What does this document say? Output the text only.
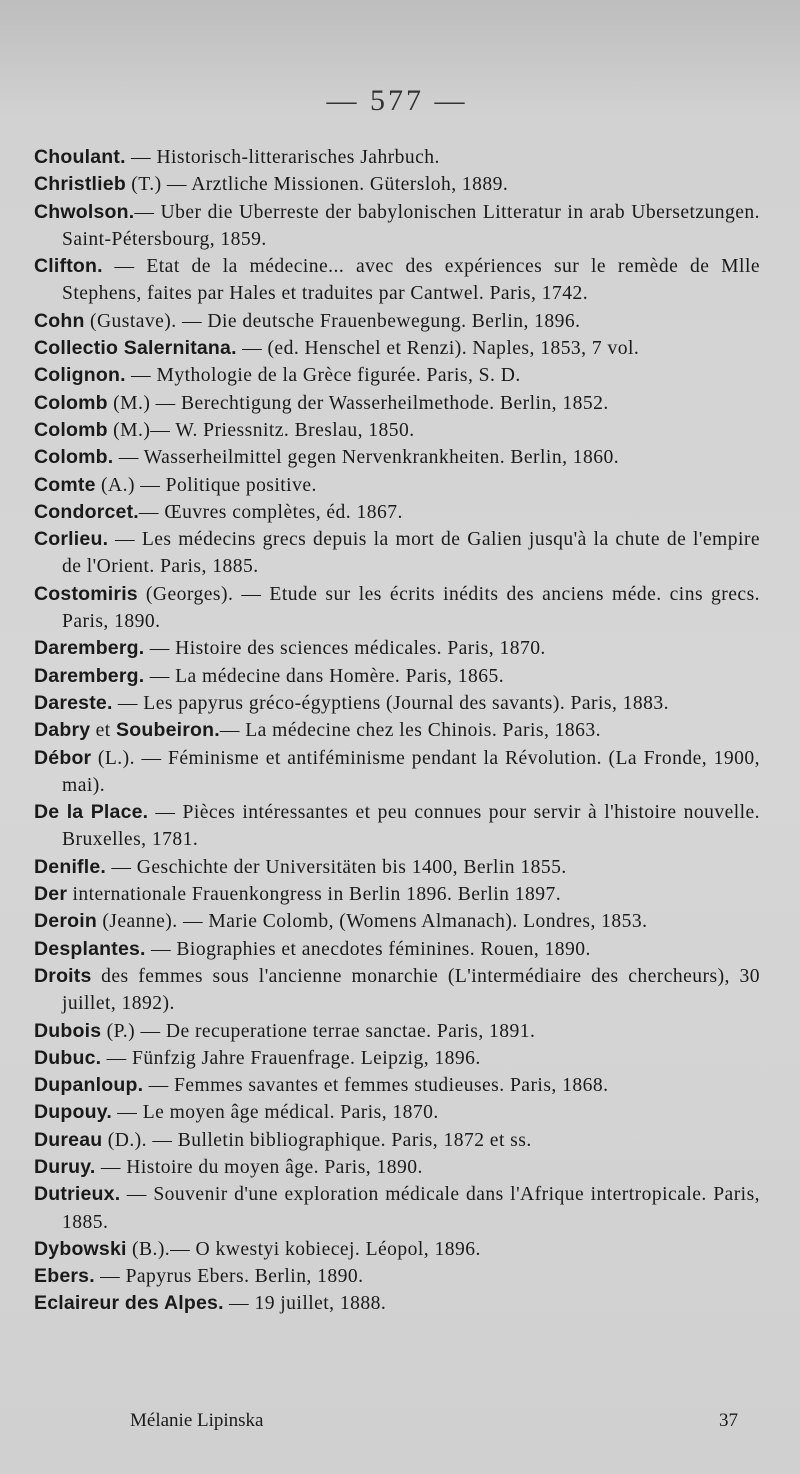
— 577 —
Choulant. — Historisch-litterarisches Jahrbuch.
Christlieb (T.) — Arztliche Missionen. Gütersloh, 1889.
Chwolson.— Uber die Uberreste der babylonischen Litteratur in arab Ubersetzungen. Saint-Pétersbourg, 1859.
Clifton. — Etat de la médecine... avec des expériences sur le remède de Mlle Stephens, faites par Hales et traduites par Cantwel. Paris, 1742.
Cohn (Gustave). — Die deutsche Frauenbewegung. Berlin, 1896.
Collectio Salernitana. — (ed. Henschel et Renzi). Naples, 1853, 7 vol.
Colignon. — Mythologie de la Grèce figurée. Paris, S. D.
Colomb (M.) — Berechtigung der Wasserheilmethode. Berlin, 1852.
Colomb (M.)— W. Priessnitz. Breslau, 1850.
Colomb. — Wasserheilmittel gegen Nervenkrankheiten. Berlin, 1860.
Comte (A.) — Politique positive.
Condorcet.— Œuvres complètes, éd. 1867.
Corlieu. — Les médecins grecs depuis la mort de Galien jusqu'à la chute de l'empire de l'Orient. Paris, 1885.
Costomiris (Georges). — Etude sur les écrits inédits des anciens méde. cins grecs. Paris, 1890.
Daremberg. — Histoire des sciences médicales. Paris, 1870.
Daremberg. — La médecine dans Homère. Paris, 1865.
Dareste. — Les papyrus gréco-égyptiens (Journal des savants). Paris, 1883.
Dabry et Soubeiron.— La médecine chez les Chinois. Paris, 1863.
Débor (L.). — Féminisme et antiféminisme pendant la Révolution. (La Fronde, 1900, mai).
De la Place. — Pièces intéressantes et peu connues pour servir à l'histoire nouvelle. Bruxelles, 1781.
Denifle. — Geschichte der Universitäten bis 1400, Berlin 1855.
Der internationale Frauenkongress in Berlin 1896. Berlin 1897.
Deroin (Jeanne). — Marie Colomb, (Womens Almanach). Londres, 1853.
Desplantes. — Biographies et anecdotes féminines. Rouen, 1890.
Droits des femmes sous l'ancienne monarchie (L'intermédiaire des chercheurs), 30 juillet, 1892).
Dubois (P.) — De recuperatione terrae sanctae. Paris, 1891.
Dubuc. — Fünfzig Jahre Frauenfrage. Leipzig, 1896.
Dupanloup. — Femmes savantes et femmes studieuses. Paris, 1868.
Dupouy. — Le moyen âge médical. Paris, 1870.
Dureau (D.). — Bulletin bibliographique. Paris, 1872 et ss.
Duruy. — Histoire du moyen âge. Paris, 1890.
Dutrieux. — Souvenir d'une exploration médicale dans l'Afrique intertropicale. Paris, 1885.
Dybowski (B.).— O kwestyi kobiecej. Léopol, 1896.
Ebers. — Papyrus Ebers. Berlin, 1890.
Eclaireur des Alpes. — 19 juillet, 1888.
Mélanie Lipinska	37
